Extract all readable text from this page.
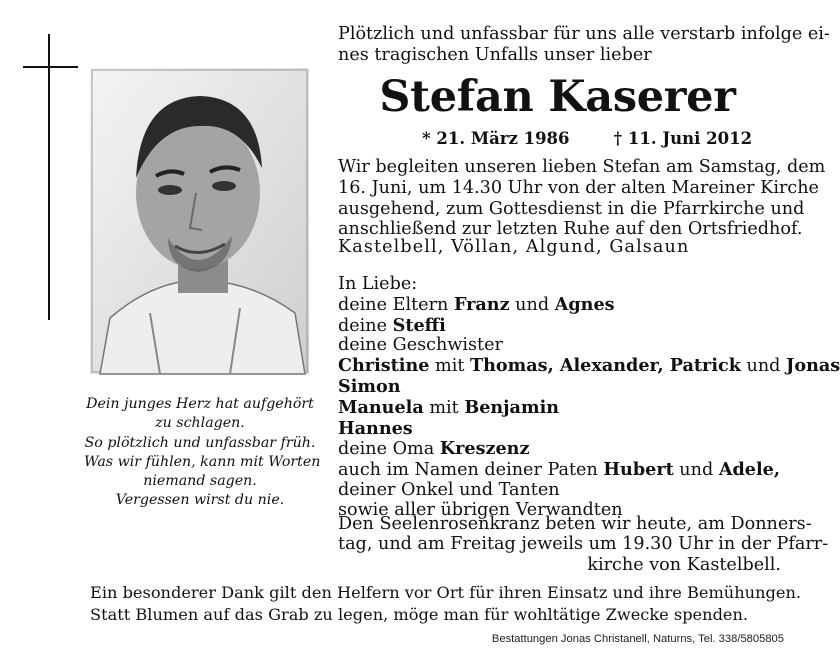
Dein junges Herz hat aufgehört
zu schlagen.
So plötzlich und unfassbar früh.
Was wir fühlen, kann mit Worten
niemand sagen.
Vergessen wirst du nie.
Plötzlich und unfassbar für uns alle verstarb infolge ei-
nes tragischen Unfalls unser lieber
Stefan Kaserer
* 21. März 1986	† 11. Juni 2012
Wir begleiten unseren lieben Stefan am Samstag, dem
16. Juni, um 14.30 Uhr von der alten Mareiner Kirche
ausgehend, zum Gottesdienst in die Pfarrkirche und
anschließend zur letzten Ruhe auf den Ortsfriedhof.
Kastelbell, Völlan, Algund, Galsaun
In Liebe:
deine Eltern Franz und Agnes
deine Steffi
deine Geschwister
Christine mit Thomas, Alexander, Patrick und Jonas
Simon
Manuela mit Benjamin
Hannes
deine Oma Kreszenz
auch im Namen deiner Paten Hubert und Adele,
deiner Onkel und Tanten
sowie aller übrigen Verwandten
Den Seelenrosenkranz beten wir heute, am Donners-
tag, und am Freitag jeweils um 19.30 Uhr in der Pfarr-
kirche von Kastelbell.
Ein besonderer Dank gilt den Helfern vor Ort für ihren Einsatz und ihre Bemühungen.
Statt Blumen auf das Grab zu legen, möge man für wohltätige Zwecke spenden.
Bestattungen Jonas Christanell, Naturns, Tel. 338/5805805
